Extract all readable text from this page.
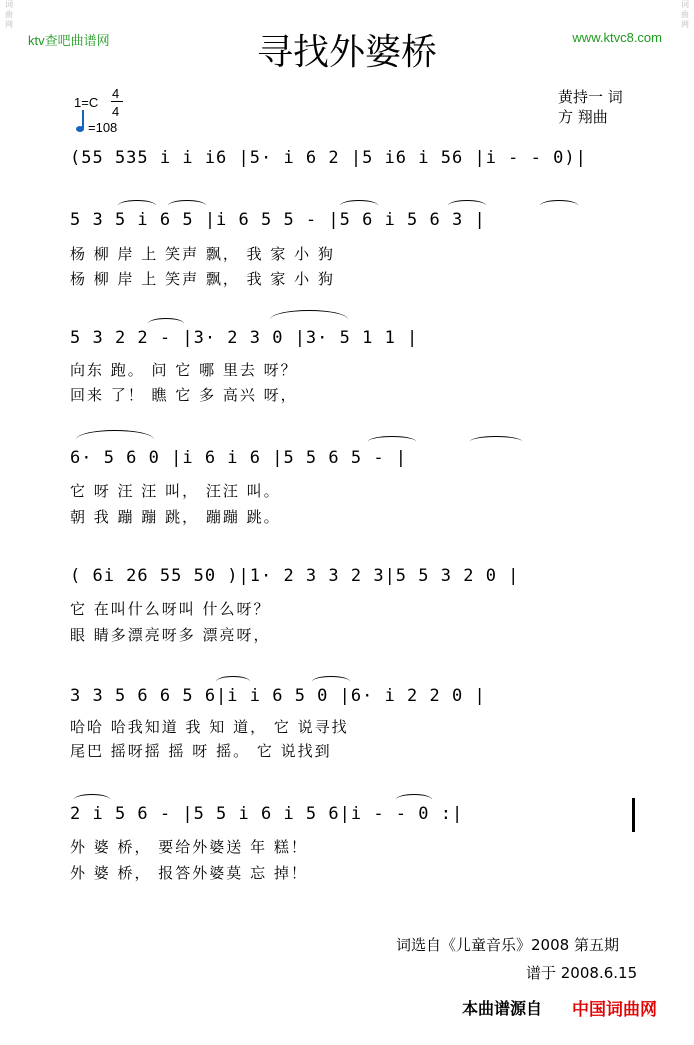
词曲网
词曲网
ktv查吧曲谱网	www.ktvc8.com
寻找外婆桥
黄持一 词
方 翔曲
1=C
4
4
=108
(55 535 i i i6 |5· i 6 2 |5 i6 i 56 |i - - 0)|
5 3 5 i 6 5 |i 6 5 5 - |5 6 i 5 6 3 |
杨 柳 岸 上 笑声 飘， 我 家 小 狗
杨 柳 岸 上 笑声 飘， 我 家 小 狗
5 3 2 2 - |3· 2 3 0 |3· 5 1 1 |
向东 跑。 问 它 哪 里去 呀？
回来 了！ 瞧 它 多 高兴 呀，
6· 5 6 0 |i 6 i 6 |5 5 6 5 - |
它 呀 汪 汪 叫， 汪汪 叫。
朝 我 蹦 蹦 跳， 蹦蹦 跳。
( 6i 26 55 50 )|1· 2 3 3 2 3|5 5 3 2 0 |
它 在叫什么呀叫 什么呀？
眼 睛多漂亮呀多 漂亮呀，
3 3 5 6 6 5 6|i i 6 5 0 |6· i 2 2 0 |
哈哈 哈我知道 我 知 道， 它 说寻找
尾巴 摇呀摇 摇 呀 摇。 它 说找到
2 i 5 6 - |5 5 i 6 i 5 6|i - - 0 :|
外 婆 桥， 要给外婆送 年 糕！
外 婆 桥， 报答外婆莫 忘 掉！
词选自《儿童音乐》2008 第五期
谱于 2008.6.15
本曲谱源自 中国词曲网
